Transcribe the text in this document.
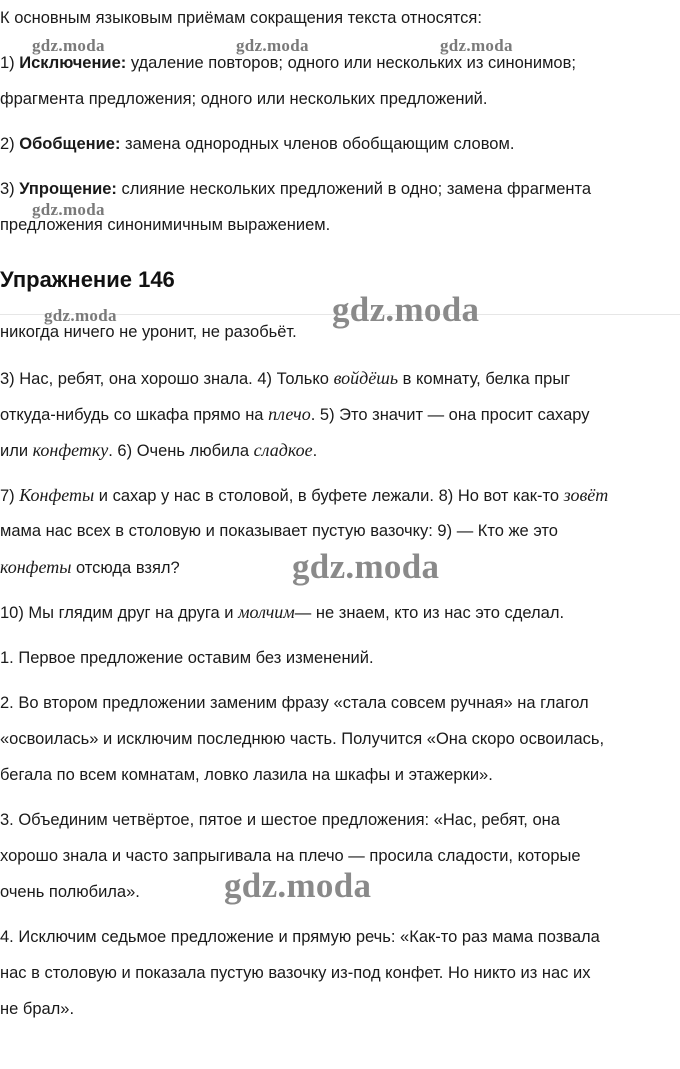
К основным языковым приёмам сокращения текста относятся:
1) Исключение: удаление повторов; одного или нескольких из синонимов;
фрагмента предложения; одного или нескольких предложений.
2) Обобщение: замена однородных членов обобщающим словом.
3) Упрощение: слияние нескольких предложений в одно; замена фрагмента
предложения синонимичным выражением.
Упражнение 146
никогда ничего не уронит, не разобьёт.
3) Нас, ребят, она хорошо знала. 4) Только войдёшь в комнату, белка прыг
откуда-нибудь со шкафа прямо на плечо. 5) Это значит — она просит сахару
или конфетку. 6) Очень любила сладкое.
7) Конфеты и сахар у нас в столовой, в буфете лежали. 8) Но вот как-то зовёт
мама нас всех в столовую и показывает пустую вазочку: 9) — Кто же это
конфеты отсюда взял?
10) Мы глядим друг на друга и молчим— не знаем, кто из нас это сделал.
1. Первое предложение оставим без изменений.
2. Во втором предложении заменим фразу «стала совсем ручная» на глагол
«освоилась» и исключим последнюю часть. Получится «Она скоро освоилась,
бегала по всем комнатам, ловко лазила на шкафы и этажерки».
3. Объединим четвёртое, пятое и шестое предложения: «Нас, ребят, она
хорошо знала и часто запрыгивала на плечо — просила сладости, которые
очень полюбила».
4. Исключим седьмое предложение и прямую речь: «Как-то раз мама позвала
нас в столовую и показала пустую вазочку из-под конфет. Но никто из нас их
не брал».
gdz.moda	gdz.moda	gdz.moda
gdz.moda
gdz.moda	gdz.moda
gdz.moda
gdz.moda
